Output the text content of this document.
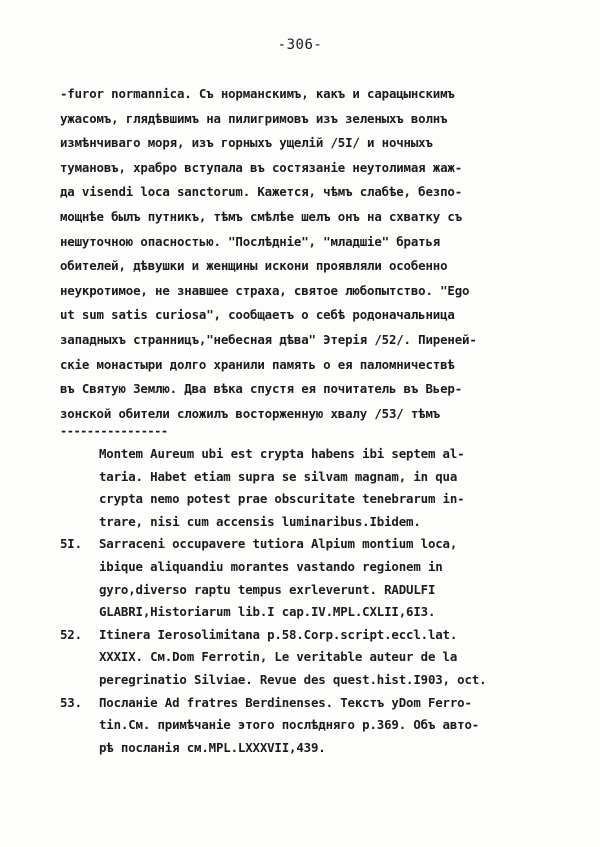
-306-
-furor normannica. Съ норманскимъ, какъ и сарацынскимъ
ужасомъ, глядѣвшимъ на пилигримовъ изъ зеленыхъ волнъ
измѣнчиваго моря, изъ горныхъ ущелій /5I/ и ночныхъ
тумановъ, храбро вступала въ состязаніе неутолимая жаж-
да visendi loca sanctorum. Кажется, чѣмъ слабѣе, безпо-
мощнѣе былъ путникъ, тѣмъ смѣлѣе шелъ онъ на схватку съ
нешуточною опасностью. "Послѣдніе", "младшіе" братья
обителей, дѣвушки и женщины искони проявляли особенно
неукротимое, не знавшее страха, святое любопытство. "Ego
ut sum satis curiosa", сообщаетъ о себѣ родоначальница
западныхъ странницъ,"небесная дѣва" Этерія /52/. Пиреней-
скіе монастыри долго хранили память о ея паломничествѣ
въ Святую Землю. Два вѣка спустя ея почитатель въ Вьер-
зонской обители сложилъ восторженную хвалу /53/ тѣмъ
----------------
Montem Aureum ubi est crypta habens ibi septem al-
taria. Habet etiam supra se silvam magnam, in qua
crypta nemo potest prae obscuritate tenebrarum in-
trare, nisi cum accensis luminaribus.Ibidem.
5I. Sarraceni occupavere tutiora Alpium montium loca,
ibique aliquandiu morantes vastando regionem in
gyro,diverso raptu tempus exrleverunt. RADULFI
GLABRI,Historiarum lib.I cap.IV.MPL.CXLII,6I3.
52. Itinera Ierosolimitana p.58.Corp.script.eccl.lat.
XXXIX. См.Dom Ferrotin, Le veritable auteur de la
peregrinatio Silviae. Revue des quest.hist.I903, oct.
53. Посланіе Ad fratres Berdinenses. Текстъ уDom Ferro-
tin.См. примѣчаніе этого послѣдняго р.369. Объ авто-
рѣ посланія см.MPL.LXXXVII,439.
